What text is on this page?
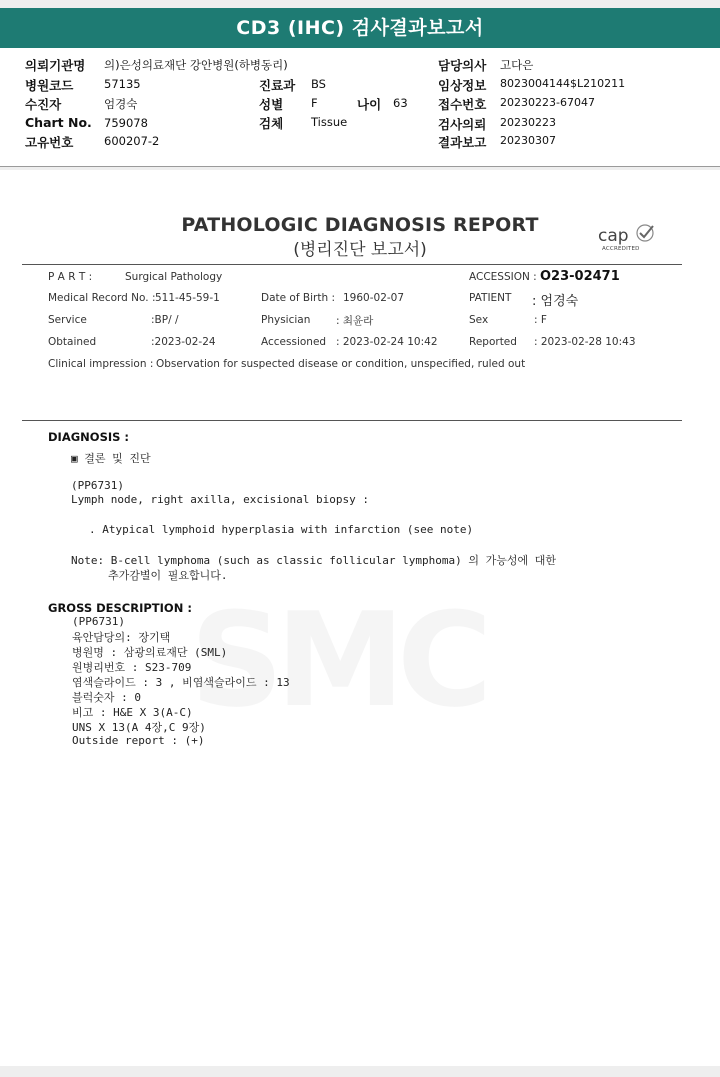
CD3 (IHC) 검사결과보고서
의뢰기관명 의)은성의료재단 강안병원(하병동리)
병원코드	57135
수진자	엄경숙
Chart No. 759078
고유번호	600207-2
진료과 BS
성별 F	나이 63
검체 Tissue
담당의사 고다은
임상정보 8023004144$L210211
접수번호 20230223-67047
검사의뢰 20230223
결과보고 20230307
PATHOLOGIC DIAGNOSIS REPORT
(병리진단 보고서)
cap
ACCREDITED
P A R T :	Surgical Pathology	ACCESSION : O23-02471
Medical Record No. : 511-45-59-1	Date of Birth : 1960-02-07	PATIENT : 엄경숙
Service	:BP/ /	Physician : 최윤라	Sex	: F
Obtained	:2023-02-24	Accessioned : 2023-02-24 10:42	Reported : 2023-02-28 10:43
Clinical impression : Observation for suspected disease or condition, unspecified, ruled out
DIAGNOSIS :
▣ 결론 및 진단
(PP6731)
Lymph node, right axilla, excisional biopsy :
. Atypical lymphoid hyperplasia with infarction (see note)
Note: B-cell lymphoma (such as classic follicular lymphoma) 의 가능성에 대한
추가감별이 필요합니다.
GROSS DESCRIPTION :
(PP6731)
육안담당의: 장기택
병원명 : 삼광의료재단 (SML)
원병리번호 : S23-709
염색슬라이드 : 3 , 비염색슬라이드 : 13
블럭숫자 : 0
비고 : H&E X 3(A-C)
UNS X 13(A 4장,C 9장)
Outside report : (+)
